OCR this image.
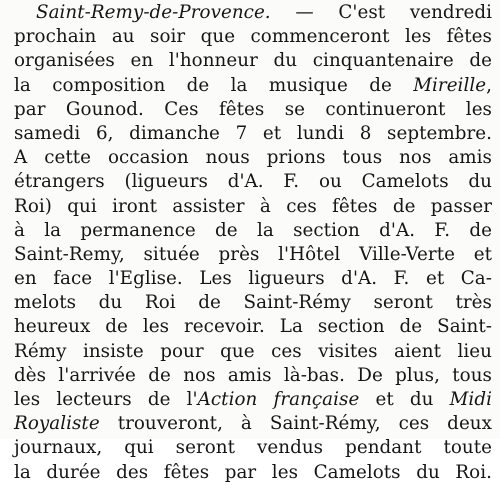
Saint-Remy-de-Provence. — C'est vendredi
prochain au soir que commenceront les fêtes
organisées en l'honneur du cinquantenaire de
la composition de la musique de Mireille,
par Gounod. Ces fêtes se continueront les
samedi 6, dimanche 7 et lundi 8 septembre.
A cette occasion nous prions tous nos amis
étrangers (ligueurs d'A. F. ou Camelots du
Roi) qui iront assister à ces fêtes de passer
à la permanence de la section d'A. F. de
Saint-Remy, située près l'Hôtel Ville-Verte et
en face l'Eglise. Les ligueurs d'A. F. et Ca-
melots du Roi de Saint-Rémy seront très
heureux de les recevoir. La section de Saint-
Rémy insiste pour que ces visites aient lieu
dès l'arrivée de nos amis là-bas. De plus, tous
les lecteurs de l'Action française et du Midi
Royaliste trouveront, à Saint-Rémy, ces deux
journaux, qui seront vendus pendant toute
la durée des fêtes par les Camelots du Roi.
